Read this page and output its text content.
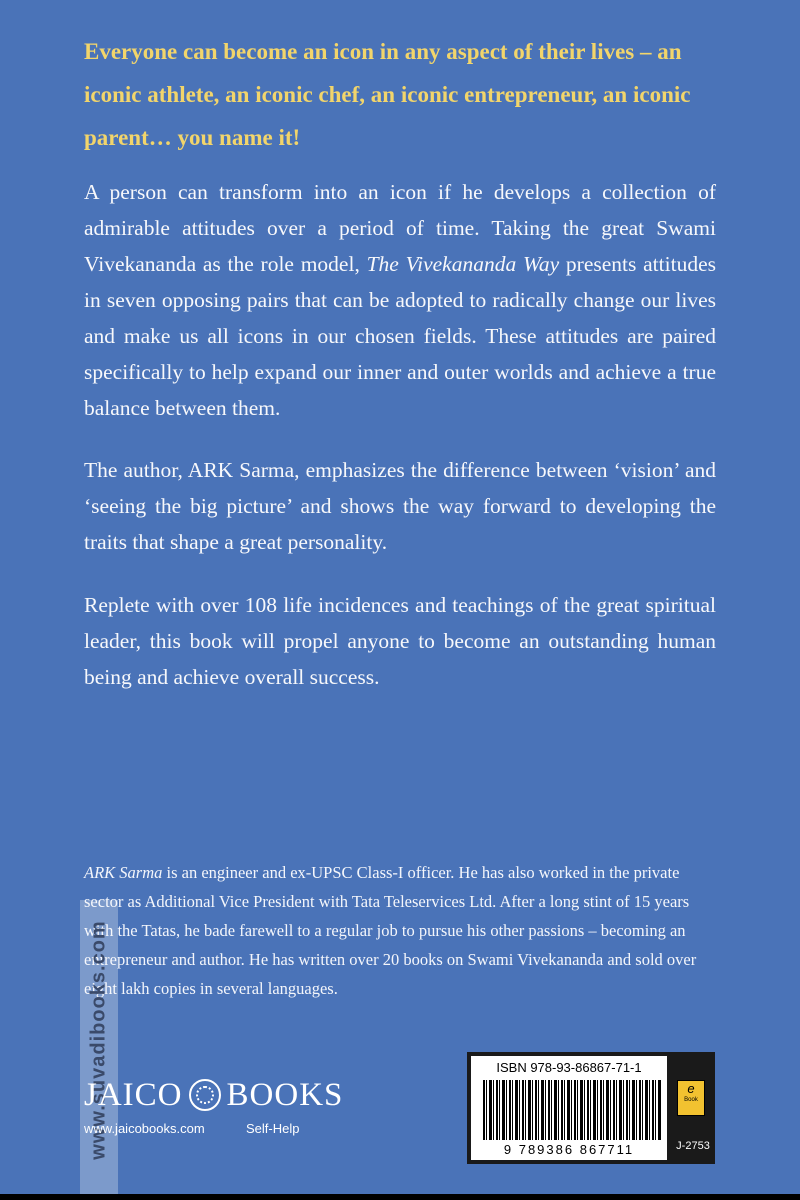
Everyone can become an icon in any aspect of their lives – an iconic athlete, an iconic chef, an iconic entrepreneur, an iconic parent… you name it!
A person can transform into an icon if he develops a collection of admirable attitudes over a period of time. Taking the great Swami Vivekananda as the role model, The Vivekananda Way presents attitudes in seven opposing pairs that can be adopted to radically change our lives and make us all icons in our chosen fields. These attitudes are paired specifically to help expand our inner and outer worlds and achieve a true balance between them.
The author, ARK Sarma, emphasizes the difference between ‘vision’ and ‘seeing the big picture’ and shows the way forward to developing the traits that shape a great personality.
Replete with over 108 life incidences and teachings of the great spiritual leader, this book will propel anyone to become an outstanding human being and achieve overall success.
ARK Sarma is an engineer and ex-UPSC Class-I officer. He has also worked in the private sector as Additional Vice President with Tata Teleservices Ltd. After a long stint of 15 years with the Tatas, he bade farewell to a regular job to pursue his other passions – becoming an entrepreneur and author. He has written over 20 books on Swami Vivekananda and sold over eight lakh copies in several languages.
www.suvadibooks.com
JAICO BOOKS
www.jaicobooks.com	Self-Help
ISBN 978-93-86867-71-1
9 789386 867711
e
Book
J-2753
